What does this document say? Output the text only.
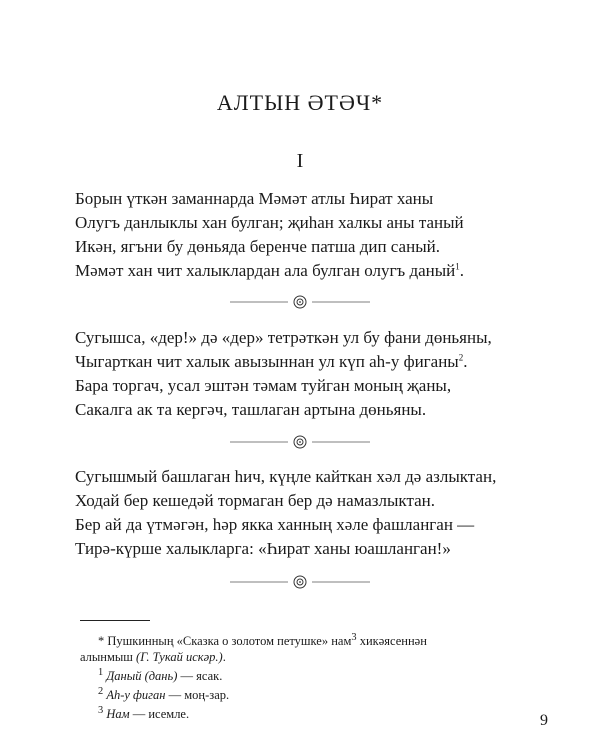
АЛТЫН ӘТӘЧ*
I
Борын үткән заманнарда Мәмәт атлы Һират ханы
Олугъ данлыклы хан булган; җиһан халкы аны таный
Икән, ягъни бу дөньяда беренче патша дип саный.
Мәмәт хан чит халыклардан ала булган олугъ даный$^1$.
Сугышса, «дер!» дә «дер» тетрәткән ул бу фани дөньяны,
Чыгарткан чит халык авызыннан ул күп аһ-у фиганы$^2$.
Бара торгач, усал эштән тәмам туйган моның җаны,
Сакалга ак та кергәч, ташлаган артына дөньяны.
Сугышмый башлаган һич, күңле кайткан хәл дә азлыктан,
Ходай бер кешедәй тормаган бер дә намазлыктан.
Бер ай да үтмәгән, һәр якка ханның хәле фашланган —
Тирә-күрше халыкларга: «Һират ханы юашланган!»
* Пушкинның «Сказка о золотом петушке» нам$^3$ хикәясеннән
алынмыш (Г. Тукай искәр.).
$^1$ Даный (дань) — ясак.
$^2$ Аһ-у фиган — моң-зар.
$^3$ Нам — исемле.	9
